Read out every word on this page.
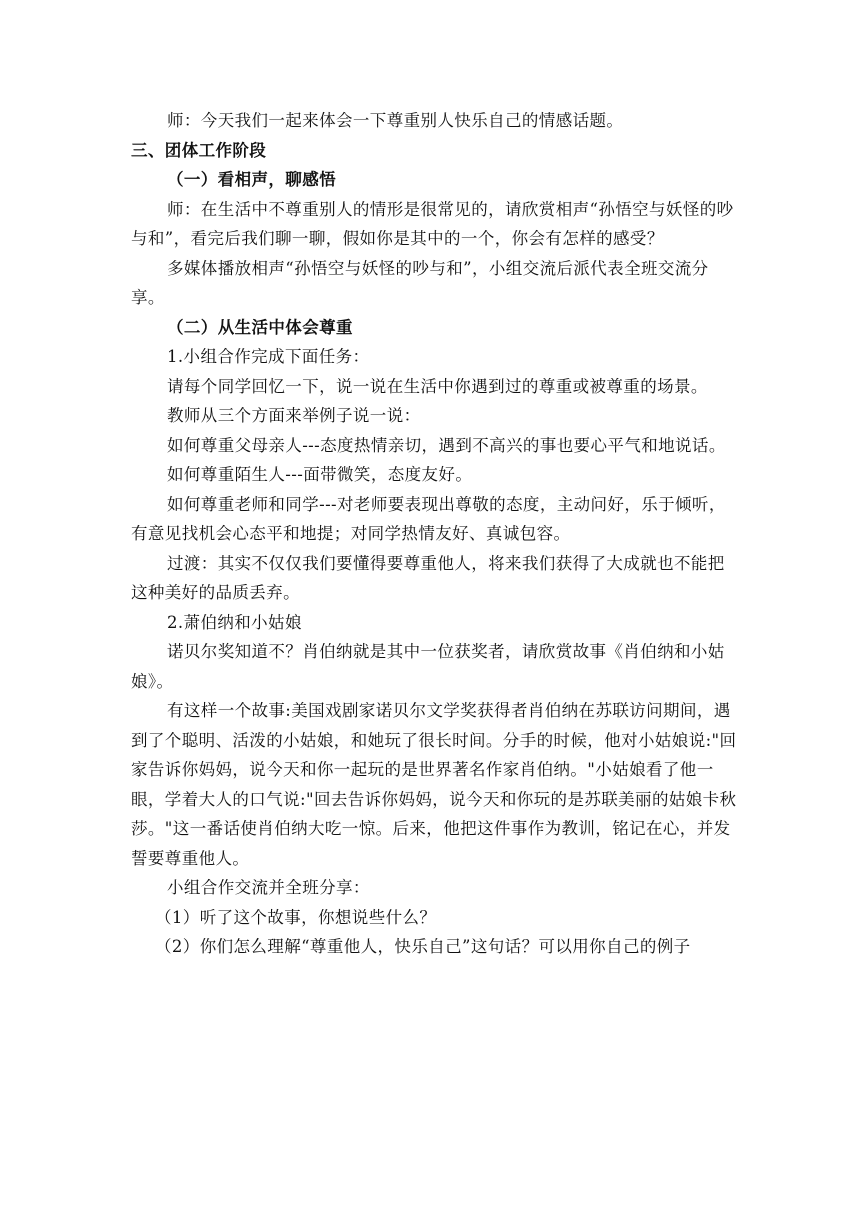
师：今天我们一起来体会一下尊重别人快乐自己的情感话题。

三、团体工作阶段

（一）看相声，聊感悟

师：在生活中不尊重别人的情形是很常见的，请欣赏相声“孙悟空与妖怪的吵与和”，看完后我们聊一聊，假如你是其中的一个，你会有怎样的感受？

多媒体播放相声“孙悟空与妖怪的吵与和”，小组交流后派代表全班交流分享。

（二）从生活中体会尊重

1.小组合作完成下面任务：

请每个同学回忆一下，说一说在生活中你遇到过的尊重或被尊重的场景。

教师从三个方面来举例子说一说：

如何尊重父母亲人---态度热情亲切，遇到不高兴的事也要心平气和地说话。

如何尊重陌生人---面带微笑，态度友好。

如何尊重老师和同学---对老师要表现出尊敬的态度，主动问好，乐于倾听，有意见找机会心态平和地提；对同学热情友好、真诚包容。

过渡：其实不仅仅我们要懂得要尊重他人，将来我们获得了大成就也不能把这种美好的品质丢弃。

2.萧伯纳和小姑娘

诺贝尔奖知道不？肖伯纳就是其中一位获奖者，请欣赏故事《肖伯纳和小姑娘》。

有这样一个故事:美国戏剧家诺贝尔文学奖获得者肖伯纳在苏联访问期间，遇到了个聪明、活泼的小姑娘，和她玩了很长时间。分手的时候，他对小姑娘说:"回家告诉你妈妈，说今天和你一起玩的是世界著名作家肖伯纳。"小姑娘看了他一眼，学着大人的口气说:"回去告诉你妈妈，说今天和你玩的是苏联美丽的姑娘卡秋莎。"这一番话使肖伯纳大吃一惊。后来，他把这件事作为教训，铭记在心，并发誓要尊重他人。

小组合作交流并全班分享：

（1）听了这个故事，你想说些什么？

（2）你们怎么理解“尊重他人，快乐自己”这句话？可以用你自己的例子
